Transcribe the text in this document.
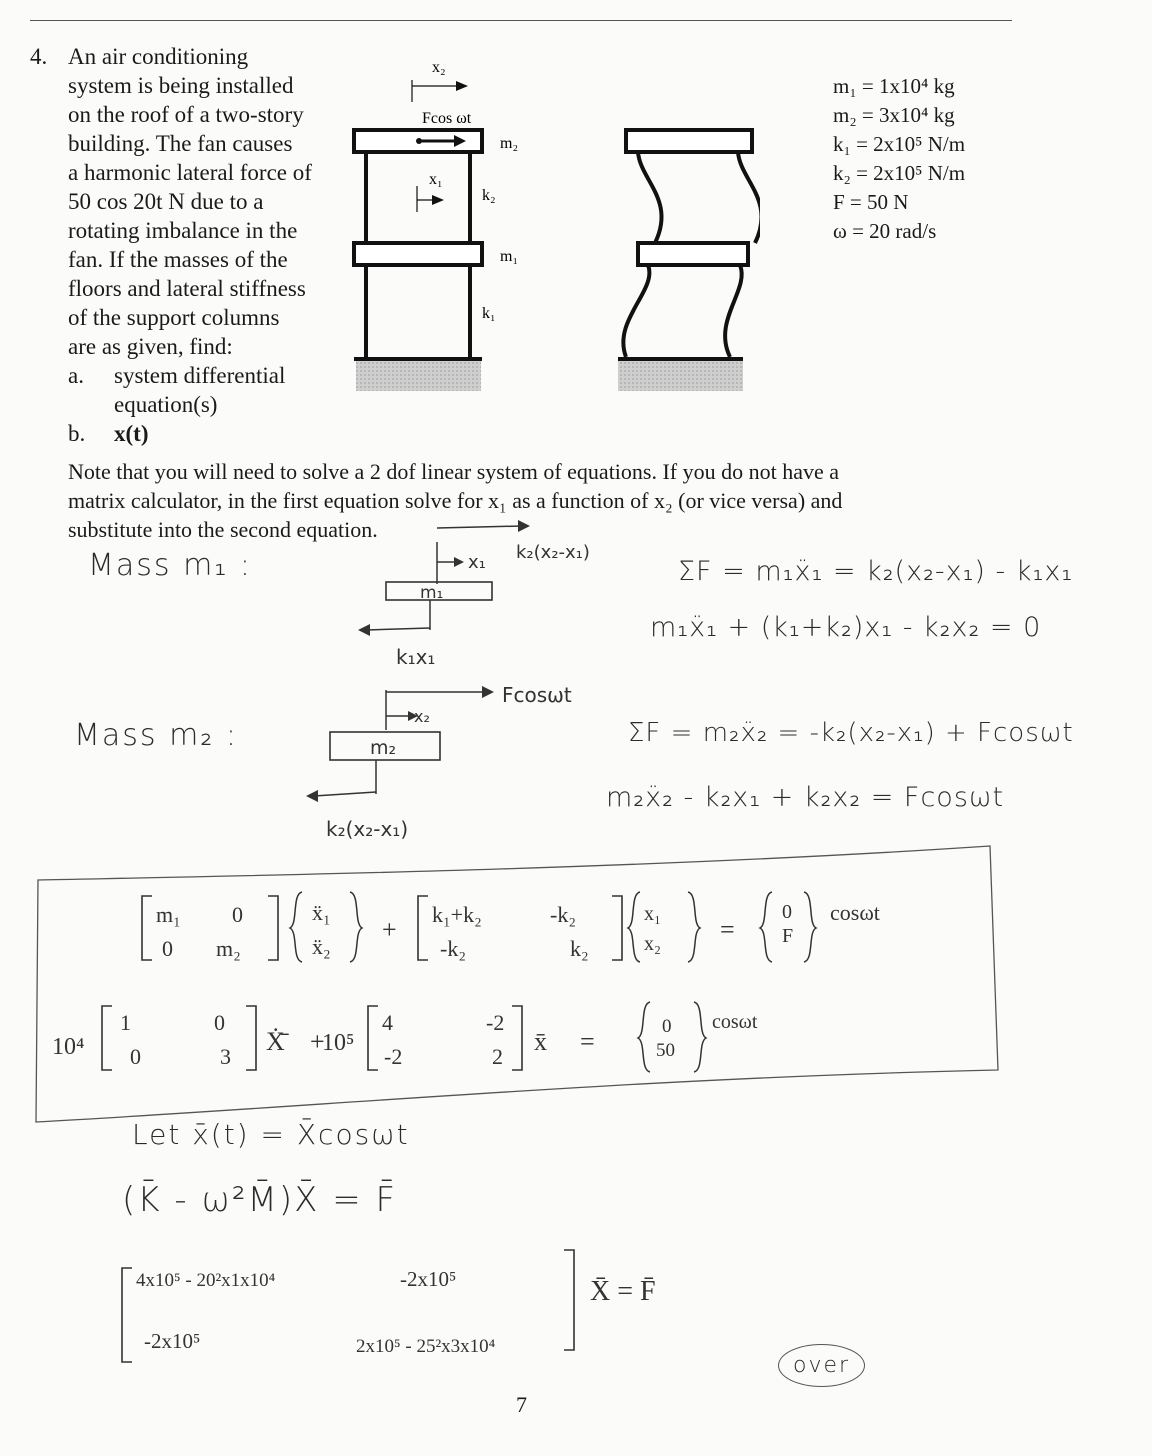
4. An air conditioning
system is being installed
on the roof of a two-story
building. The fan causes
a harmonic lateral force of
50 cos 20t N due to a
rotating imbalance in the
fan. If the masses of the
floors and lateral stiffness
of the support columns
are as given, find:
a. system differential
equation(s)
b. x(t)
Note that you will need to solve a 2 dof linear system of equations. If you do not have a
matrix calculator, in the first equation solve for x₁ as a function of x₂ (or vice versa) and
substitute into the second equation.
x₂
Fcos ωt
m₂
x₁
k₂
m₁
k₁
m₁ = 1x10⁴ kg
m₂ = 3x10⁴ kg
k₁ = 2x10⁵ N/m
k₂ = 2x10⁵ N/m
F = 50 N
ω = 20 rad/s
Mass m₁ :	x₁
m₁
k₂(x₂-x₁)
k₁x₁
ΣF = m₁ẍ₁ = k₂(x₂-x₁) - k₁x₁
m₁ẍ₁ + (k₁+k₂)x₁ - k₂x₂ = 0
Mass m₂ :
Fcosωt
x₂
m₂
k₂(x₂-x₁)
ΣF = m₂ẍ₂ = -k₂(x₂-x₁) + Fcosωt
m₂ẍ₂ - k₂x₁ + k₂x₂ = Fcosωt
m₁ 0
0 m₂
ẍ₁
ẍ₂
+
k₁+k₂	-k₂
-k₂	k₂
x₁
x₂ =
0
F
cosωt
10⁴
1	0
0	3
Ẋ̄ +
10⁵
4	-2
-2	2
x̄ =
0
50
cosωt
Let x̄(t) = X̄cosωt
(K̄ - ω²M̄)X̄ = F̄
4x10⁵ - 20²x1x10⁴	-2x10⁵
-2x10⁵	2x10⁵ - 25²x3x10⁴
X̄ = F̄
over
7
